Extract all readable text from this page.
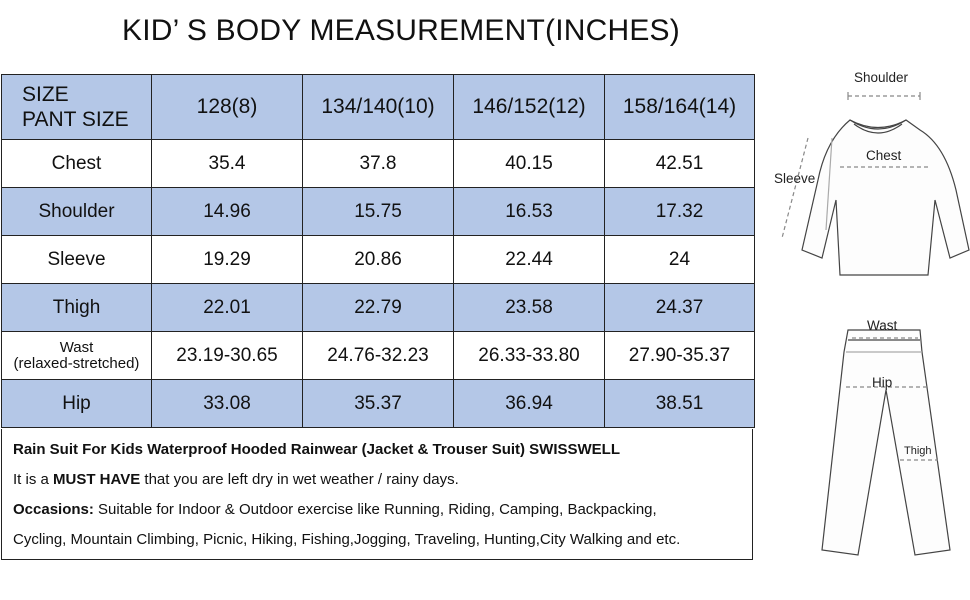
KID’ S BODY MEASUREMENT(INCHES)
SIZE
PANT SIZE	128(8)	134/140(10)	146/152(12)	158/164(14)
Chest	35.4	37.8	40.15	42.51
Shoulder	14.96	15.75	16.53	17.32
Sleeve	19.29	20.86	22.44	24
Thigh	22.01	22.79	23.58	24.37

Wast
(relaxed-stretched)	23.19-30.65	24.76-32.23	26.33-33.80	27.90-35.37
Hip	33.08	35.37	36.94	38.51
Rain Suit For Kids Waterproof Hooded Rainwear (Jacket & Trouser Suit) SWISSWELL
It is a MUST HAVE that you are left dry in wet weather / rainy days.
Occasions: Suitable for Indoor & Outdoor exercise like Running, Riding, Camping, Backpacking,
Cycling, Mountain Climbing, Picnic, Hiking, Fishing,Jogging, Traveling, Hunting,City Walking and etc.
Shoulder
Chest
Sleeve
Wast
Hip
Thigh
